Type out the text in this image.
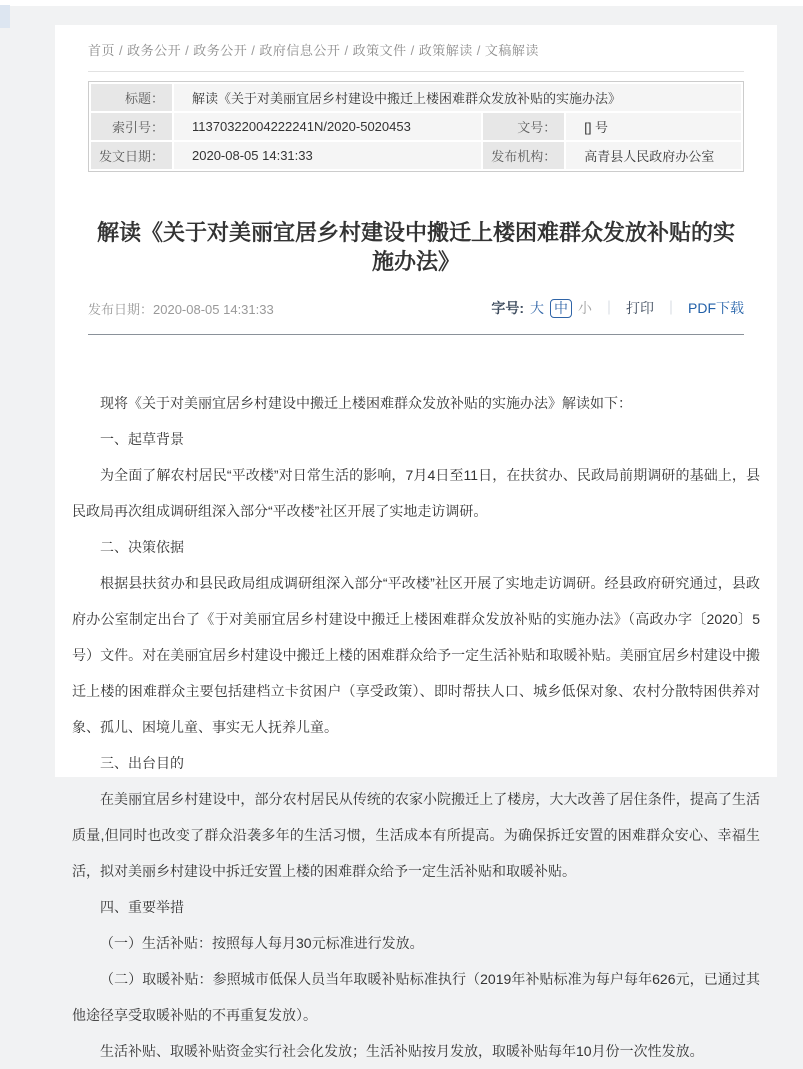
首页 / 政务公开 / 政务公开 / 政府信息公开 / 政策文件 / 政策解读 / 文稿解读
标题：	解读《关于对美丽宜居乡村建设中搬迁上楼困难群众发放补贴的实施办法》		
索引号：	11370322004222241N/2020-5020453	文号：	[] 号
发文日期：	2020-08-05 14:31:33	发布机构：	高青县人民政府办公室
解读《关于对美丽宜居乡村建设中搬迁上楼困难群众发放补贴的实施办法》
发布日期：2020-08-05 14:31:33	字号: 大 中 小 ｜ 打印 ｜ PDF下载

现将《关于对美丽宜居乡村建设中搬迁上楼困难群众发放补贴的实施办法》解读如下：

一、起草背景

为全面了解农村居民“平改楼”对日常生活的影响，7月4日至11日，在扶贫办、民政局前期调研的基础上，县民政局再次组成调研组深入部分“平改楼”社区开展了实地走访调研。

二、决策依据

根据县扶贫办和县民政局组成调研组深入部分“平改楼”社区开展了实地走访调研。经县政府研究通过，县政府办公室制定出台了《于对美丽宜居乡村建设中搬迁上楼困难群众发放补贴的实施办法》（高政办字〔2020〕5号）文件。对在美丽宜居乡村建设中搬迁上楼的困难群众给予一定生活补贴和取暖补贴。美丽宜居乡村建设中搬迁上楼的困难群众主要包括建档立卡贫困户（享受政策）、即时帮扶人口、城乡低保对象、农村分散特困供养对象、孤儿、困境儿童、事实无人抚养儿童。

三、出台目的

在美丽宜居乡村建设中，部分农村居民从传统的农家小院搬迁上了楼房，大大改善了居住条件，提高了生活质量,但同时也改变了群众沿袭多年的生活习惯，生活成本有所提高。为确保拆迁安置的困难群众安心、幸福生活，拟对美丽乡村建设中拆迁安置上楼的困难群众给予一定生活补贴和取暖补贴。

四、重要举措

（一）生活补贴：按照每人每月30元标准进行发放。

（二）取暖补贴：参照城市低保人员当年取暖补贴标准执行（2019年补贴标准为每户每年626元，已通过其他途径享受取暖补贴的不再重复发放）。

生活补贴、取暖补贴资金实行社会化发放；生活补贴按月发放，取暖补贴每年10月份一次性发放。
